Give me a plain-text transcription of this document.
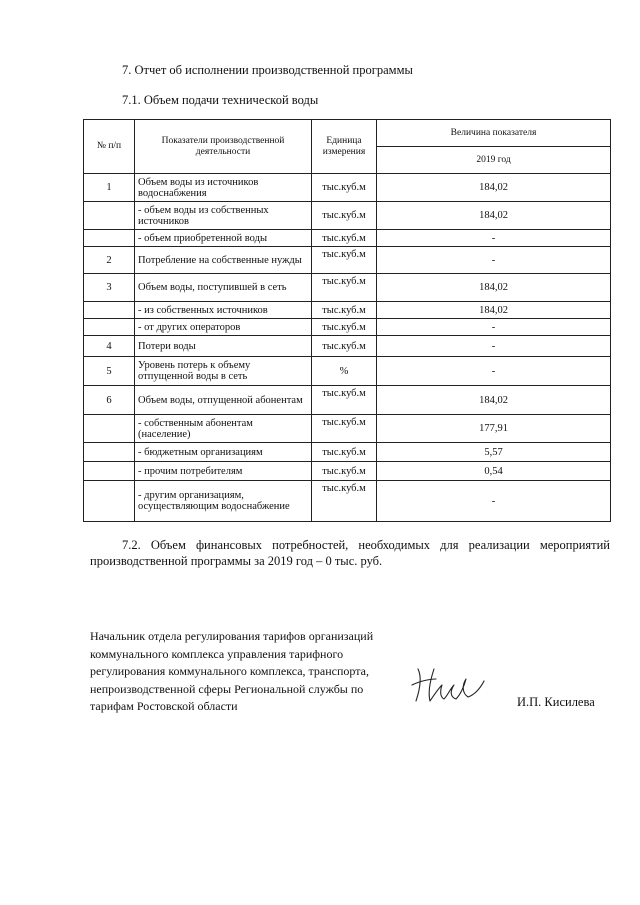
7. Отчет об исполнении производственной программы
7.1. Объем подачи технической воды
№ п/п	Показатели производственной деятельности	Единица измерения	Величина показателя
			2019 год
1	Объем воды из источников водоснабжения	тыс.куб.м	184,02
	- объем воды из собственных источников	тыс.куб.м	184,02
	- объем приобретенной воды	тыс.куб.м	-
2	Потребление на собственные нужды	тыс.куб.м	-
3	Объем воды, поступившей в сеть	тыс.куб.м	184,02
	- из собственных источников	тыс.куб.м	184,02
	- от других операторов	тыс.куб.м	-
4	Потери воды	тыс.куб.м	-
5	Уровень потерь к объему отпущенной воды в сеть	%	-
6	Объем воды, отпущенной абонентам	тыс.куб.м	184,02
	- собственным абонентам (население)	тыс.куб.м	177,91
	- бюджетным организациям	тыс.куб.м	5,57
	- прочим потребителям	тыс.куб.м	0,54
	- другим организациям, осуществляющим водоснабжение	тыс.куб.м	-
7.2. Объем финансовых потребностей, необходимых для реализации мероприятий производственной программы за 2019 год – 0 тыс. руб.
Начальник отдела регулирования тарифов организаций коммунального комплекса управления тарифного регулирования коммунального комплекса, транспорта, непроизводственной сферы Региональной службы по тарифам Ростовской области	И.П. Кисилева
